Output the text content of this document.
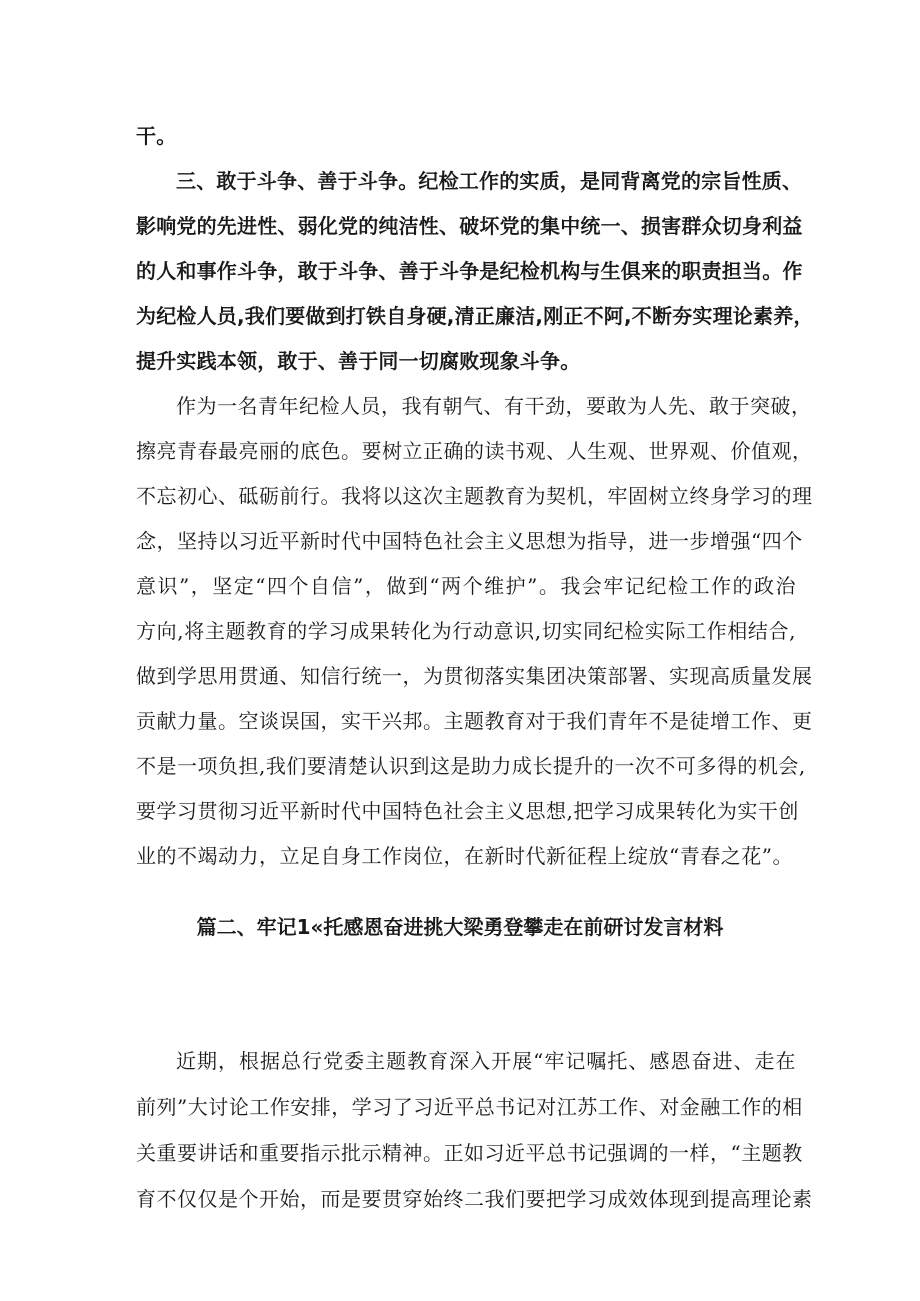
干。
三、敢于斗争、善于斗争。纪检工作的实质，是同背离党的宗旨性质、
影响党的先进性、弱化党的纯洁性、破坏党的集中统一、损害群众切身利益
的人和事作斗争，敢于斗争、善于斗争是纪检机构与生俱来的职责担当。作
为纪检人员,我们要做到打铁自身硬,清正廉洁,刚正不阿,不断夯实理论素养，
提升实践本领，敢于、善于同一切腐败现象斗争。
作为一名青年纪检人员，我有朝气、有干劲，要敢为人先、敢于突破，
擦亮青春最亮丽的底色。要树立正确的读书观、人生观、世界观、价值观，
不忘初心、砥砺前行。我将以这次主题教育为契机，牢固树立终身学习的理
念，坚持以习近平新时代中国特色社会主义思想为指导，进一步增强“四个
意识”，坚定“四个自信”，做到“两个维护”。我会牢记纪检工作的政治
方向,将主题教育的学习成果转化为行动意识,切实同纪检实际工作相结合,
做到学思用贯通、知信行统一，为贯彻落实集团决策部署、实现高质量发展
贡献力量。空谈误国，实干兴邦。主题教育对于我们青年不是徒增工作、更
不是一项负担,我们要清楚认识到这是助力成长提升的一次不可多得的机会,
要学习贯彻习近平新时代中国特色社会主义思想,把学习成果转化为实干创
业的不竭动力，立足自身工作岗位，在新时代新征程上绽放“青春之花”。
篇二、牢记1«托感恩奋进挑大梁勇登攀走在前研讨发言材料
近期，根据总行党委主题教育深入开展“牢记嘱托、感恩奋进、走在
前列”大讨论工作安排，学习了习近平总书记对江苏工作、对金融工作的相
关重要讲话和重要指示批示精神。正如习近平总书记强调的一样，“主题教
育不仅仅是个开始，而是要贯穿始终二我们要把学习成效体现到提高理论素
